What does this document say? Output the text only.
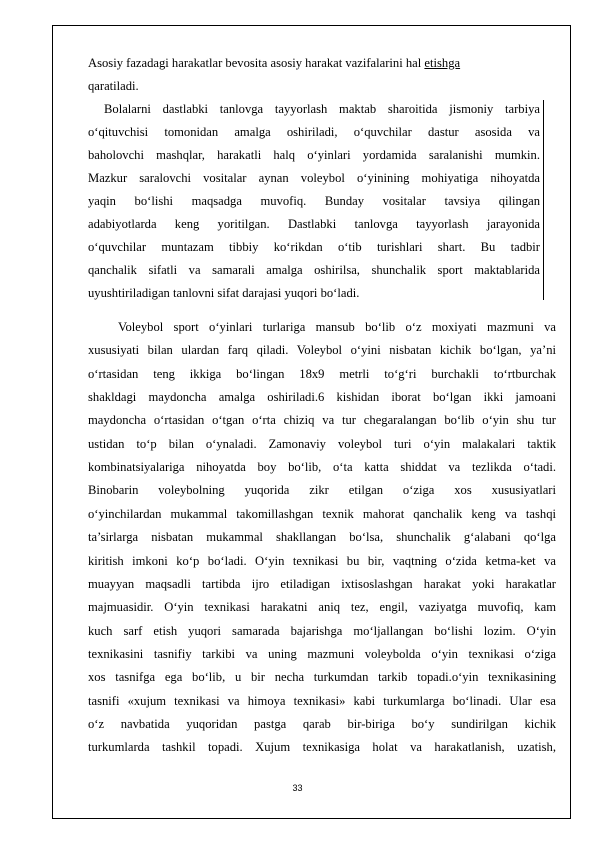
Asosiy fazadagi harakatlar bevosita asosiy harakat vazifalarini hal etishga
qaratiladi.
Bolalarni dastlabki tanlovga tayyorlash maktab sharoitida jismoniy tarbiya
o‘qituvchisi tomonidan amalga oshiriladi, o‘quvchilar dastur asosida va
baholovchi mashqlar, harakatli halq o‘yinlari yordamida saralanishi mumkin.
Mazkur saralovchi vositalar aynan voleybol o‘yinining mohiyatiga nihoyatda
yaqin bo‘lishi maqsadga muvofiq. Bunday vositalar tavsiya qilingan
adabiyotlarda keng yoritilgan. Dastlabki tanlovga tayyorlash jarayonida
o‘quvchilar muntazam tibbiy ko‘rikdan o‘tib turishlari shart. Bu tadbir
qanchalik sifatli va samarali amalga oshirilsa, shunchalik sport maktablarida
uyushtiriladigan tanlovni sifat darajasi yuqori bo‘ladi.
Voleybol sport o‘yinlari turlariga mansub bo‘lib o‘z moxiyati mazmuni va
xususiyati bilan ulardan farq qiladi. Voleybol o‘yini nisbatan kichik bo‘lgan, ya’ni
o‘rtasidan teng ikkiga bo‘lingan 18x9 metrli to‘g‘ri burchakli to‘rtburchak
shakldagi maydoncha amalga oshiriladi.6 kishidan iborat bo‘lgan ikki jamoani
maydoncha o‘rtasidan o‘tgan o‘rta chiziq va tur chegaralangan bo‘lib o‘yin shu tur
ustidan to‘p bilan o‘ynaladi. Zamonaviy voleybol turi o‘yin malakalari taktik
kombinatsiyalariga nihoyatda boy bo‘lib, o‘ta katta shiddat va tezlikda o‘tadi.
Binobarin voleybolning yuqorida zikr etilgan o‘ziga xos xususiyatlari
o‘yinchilardan mukammal takomillashgan texnik mahorat qanchalik keng va tashqi
ta’sirlarga nisbatan mukammal shakllangan bo‘lsa, shunchalik g‘alabani qo‘lga
kiritish imkoni ko‘p bo‘ladi. O‘yin texnikasi bu bir, vaqtning o‘zida ketma-ket va
muayyan maqsadli tartibda ijro etiladigan ixtisoslashgan harakat yoki harakatlar
majmuasidir. O‘yin texnikasi harakatni aniq tez, engil, vaziyatga muvofiq, kam
kuch sarf etish yuqori samarada bajarishga mo‘ljallangan bo‘lishi lozim. O‘yin
texnikasini tasnifiy tarkibi va uning mazmuni voleybolda o‘yin texnikasi o‘ziga
xos tasnifga ega bo‘lib, u bir necha turkumdan tarkib topadi.o‘yin texnikasining
tasnifi «xujum texnikasi va himoya texnikasi» kabi turkumlarga bo‘linadi. Ular esa
o‘z navbatida yuqoridan pastga qarab bir-biriga bo‘y sundirilgan kichik
turkumlarda tashkil topadi. Xujum texnikasiga holat va harakatlanish, uzatish,
33
